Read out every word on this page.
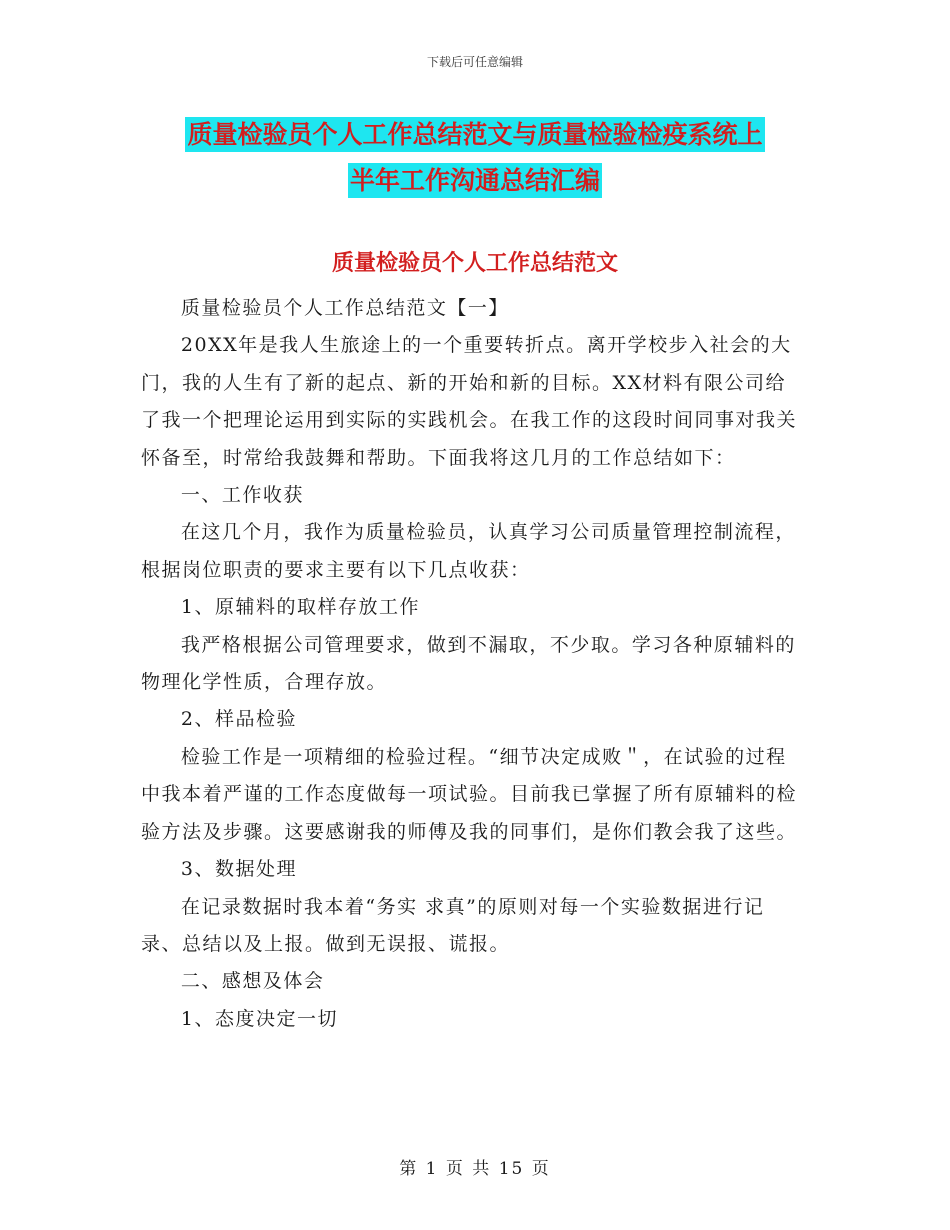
下载后可任意编辑
质量检验员个人工作总结范文与质量检验检疫系统上
半年工作沟通总结汇编
质量检验员个人工作总结范文

质量检验员个人工作总结范文【一】

20XX年是我人生旅途上的一个重要转折点。离开学校步入社会的大门，我的人生有了新的起点、新的开始和新的目标。XX材料有限公司给了我一个把理论运用到实际的实践机会。在我工作的这段时间同事对我关怀备至，时常给我鼓舞和帮助。下面我将这几月的工作总结如下：

一、工作收获

在这几个月，我作为质量检验员，认真学习公司质量管理控制流程，根据岗位职责的要求主要有以下几点收获：

1、原辅料的取样存放工作

我严格根据公司管理要求，做到不漏取，不少取。学习各种原辅料的物理化学性质，合理存放。

2、样品检验

检验工作是一项精细的检验过程。“细节决定成败＂，在试验的过程中我本着严谨的工作态度做每一项试验。目前我已掌握了所有原辅料的检验方法及步骤。这要感谢我的师傅及我的同事们，是你们教会我了这些。

3、数据处理

在记录数据时我本着“务实 求真”的原则对每一个实验数据进行记录、总结以及上报。做到无误报、谎报。

二、感想及体会

1、态度决定一切

第 1 页 共 15 页
